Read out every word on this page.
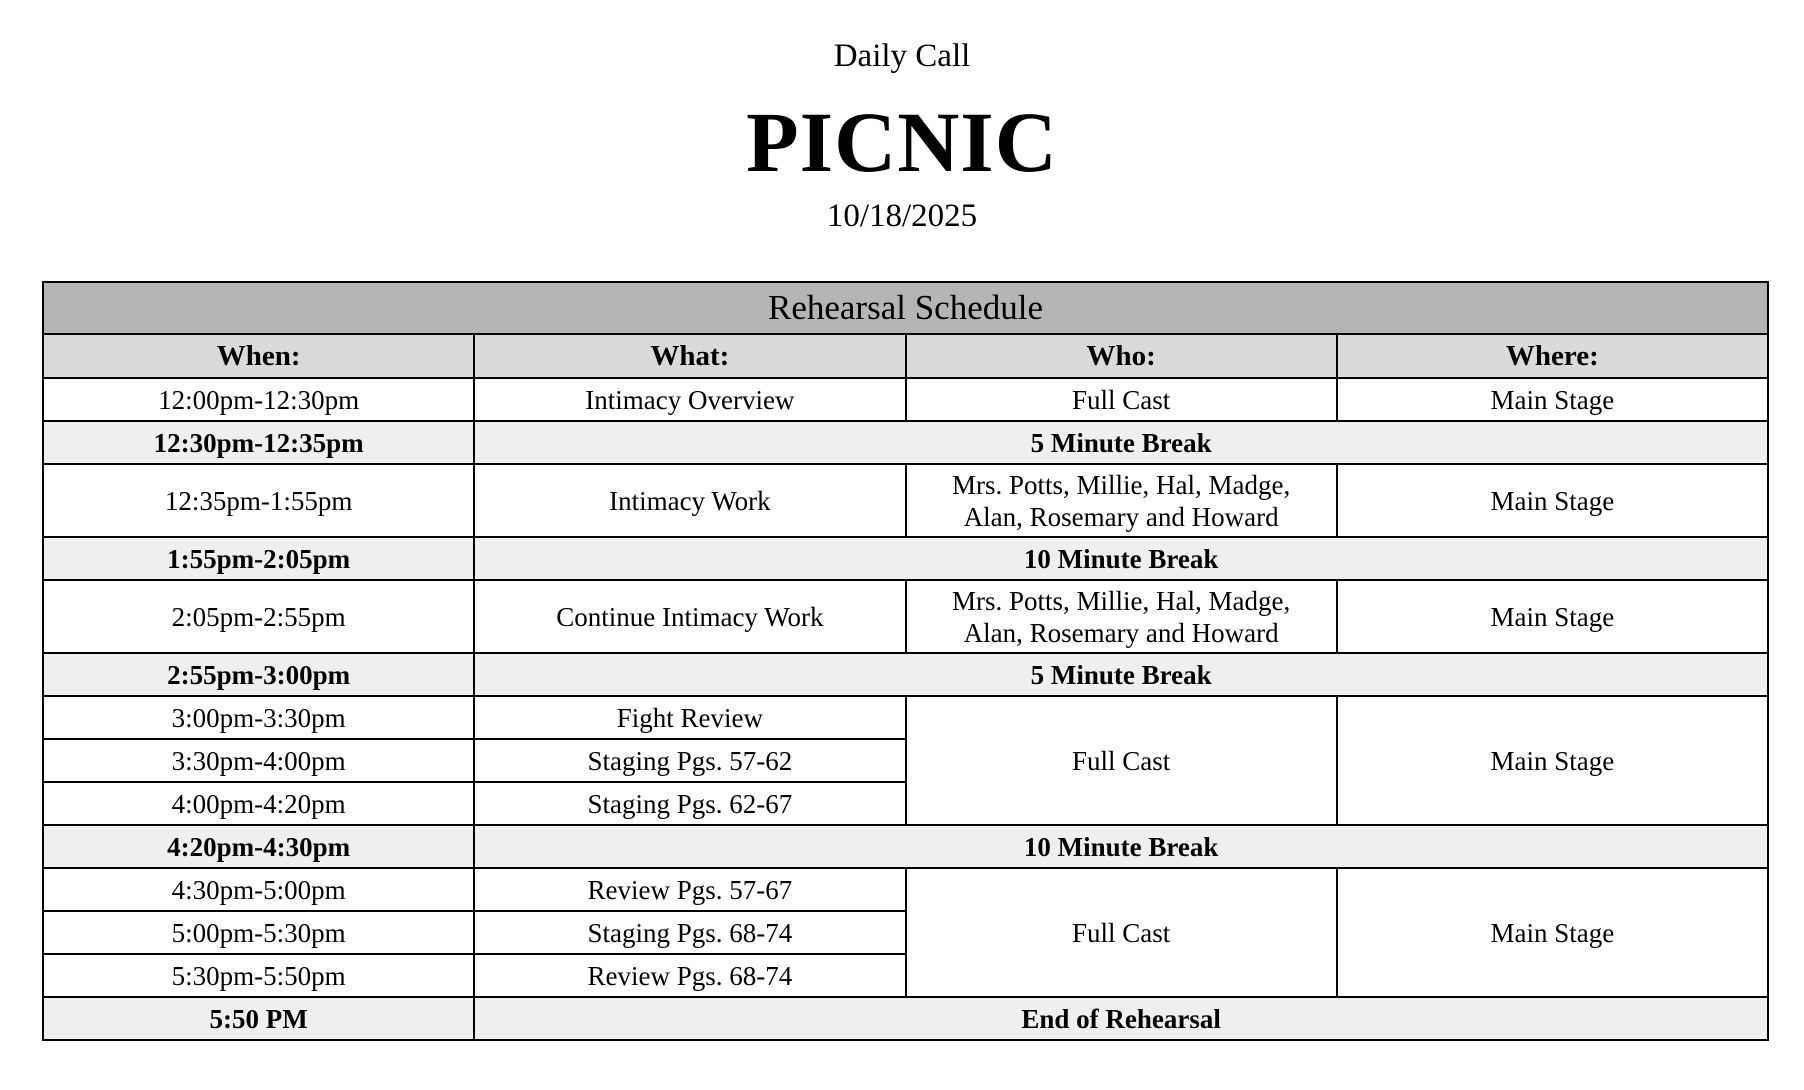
Daily Call
PICNIC
10/18/2025
Rehearsal Schedule			
When:	What:	Who:	Where:
12:00pm-12:30pm	Intimacy Overview	Full Cast	Main Stage
12:30pm-12:35pm	5 Minute Break		
12:35pm-1:55pm	Intimacy Work	Mrs. Potts, Millie, Hal, Madge,
Alan, Rosemary and Howard	Main Stage
1:55pm-2:05pm	10 Minute Break		
2:05pm-2:55pm	Continue Intimacy Work	Mrs. Potts, Millie, Hal, Madge,
Alan, Rosemary and Howard	Main Stage
2:55pm-3:00pm	5 Minute Break		
3:00pm-3:30pm	Fight Review	Full Cast	Main Stage
3:30pm-4:00pm	Staging Pgs. 57-62		
4:00pm-4:20pm	Staging Pgs. 62-67		
4:20pm-4:30pm	10 Minute Break		
4:30pm-5:00pm	Review Pgs. 57-67	Full Cast	Main Stage
5:00pm-5:30pm	Staging Pgs. 68-74		
5:30pm-5:50pm	Review Pgs. 68-74		
5:50 PM	End of Rehearsal		
